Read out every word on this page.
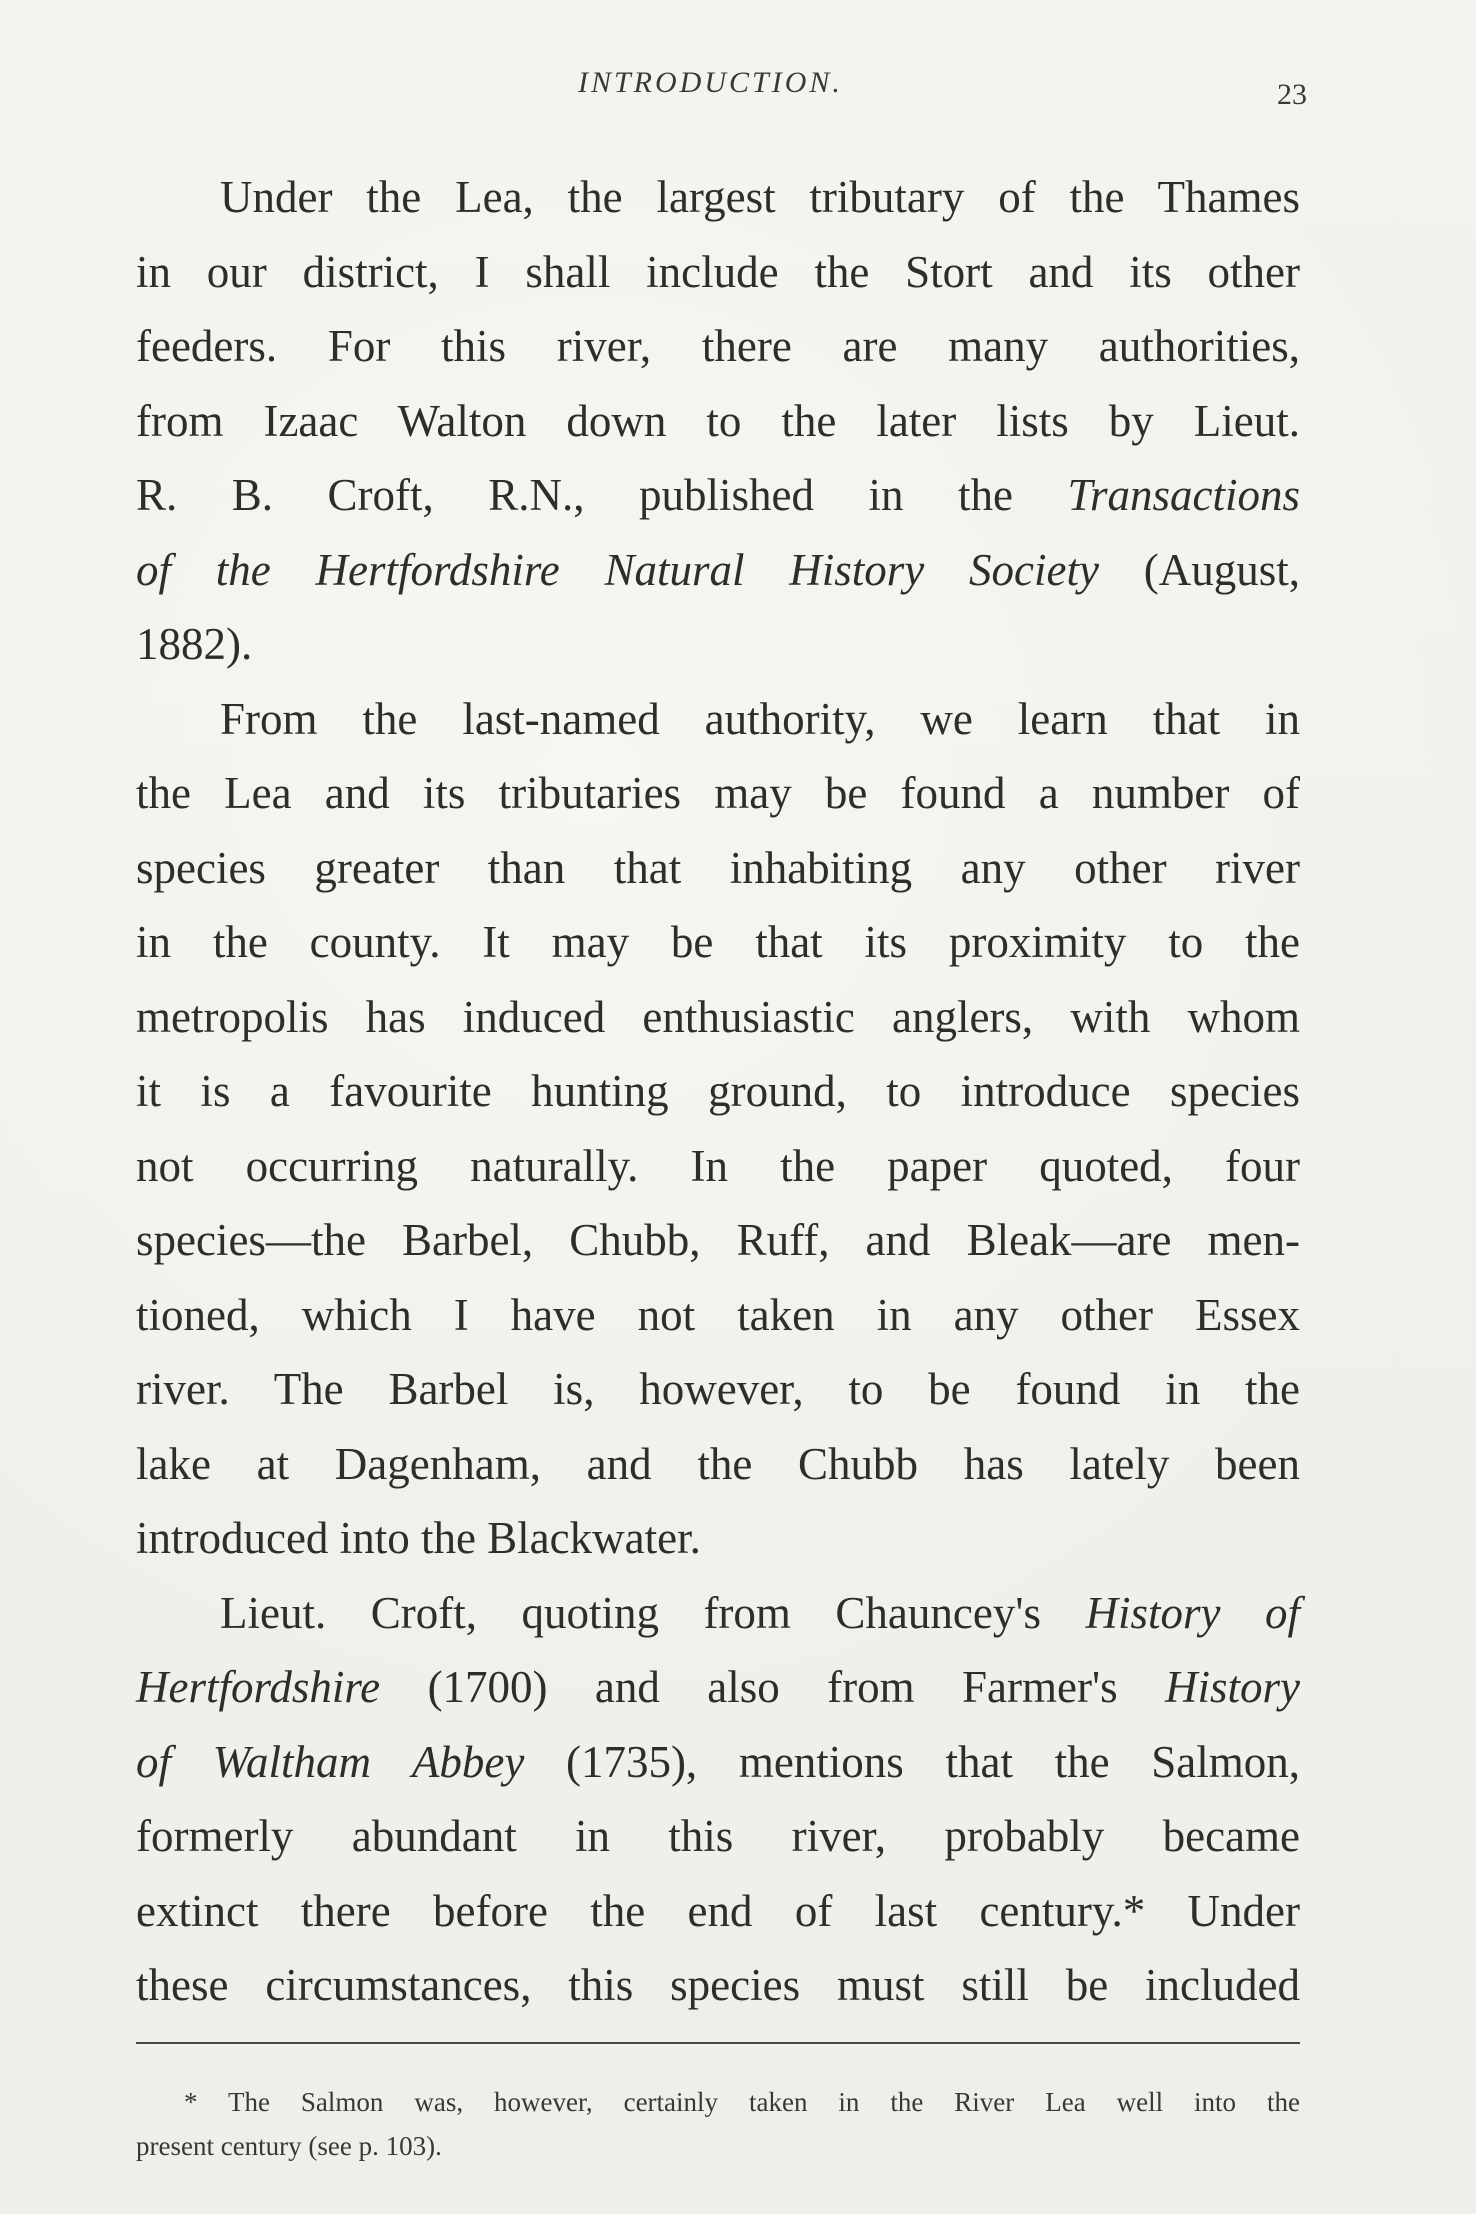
INTRODUCTION.	23
Under the Lea, the largest tributary of the Thames
in our district, I shall include the Stort and its other
feeders. For this river, there are many authorities,
from Izaac Walton down to the later lists by Lieut.
R. B. Croft, R.N., published in the Transactions
of the Hertfordshire Natural History Society (August,
1882).
From the last-named authority, we learn that in
the Lea and its tributaries may be found a number of
species greater than that inhabiting any other river
in the county. It may be that its proximity to the
metropolis has induced enthusiastic anglers, with whom
it is a favourite hunting ground, to introduce species
not occurring naturally. In the paper quoted, four
species—the Barbel, Chubb, Ruff, and Bleak—are men-
tioned, which I have not taken in any other Essex
river. The Barbel is, however, to be found in the
lake at Dagenham, and the Chubb has lately been
introduced into the Blackwater.
Lieut. Croft, quoting from Chauncey's History of
Hertfordshire (1700) and also from Farmer's History
of Waltham Abbey (1735), mentions that the Salmon,
formerly abundant in this river, probably became
extinct there before the end of last century.* Under
these circumstances, this species must still be included
* The Salmon was, however, certainly taken in the River Lea well into the
present century (see p. 103).
